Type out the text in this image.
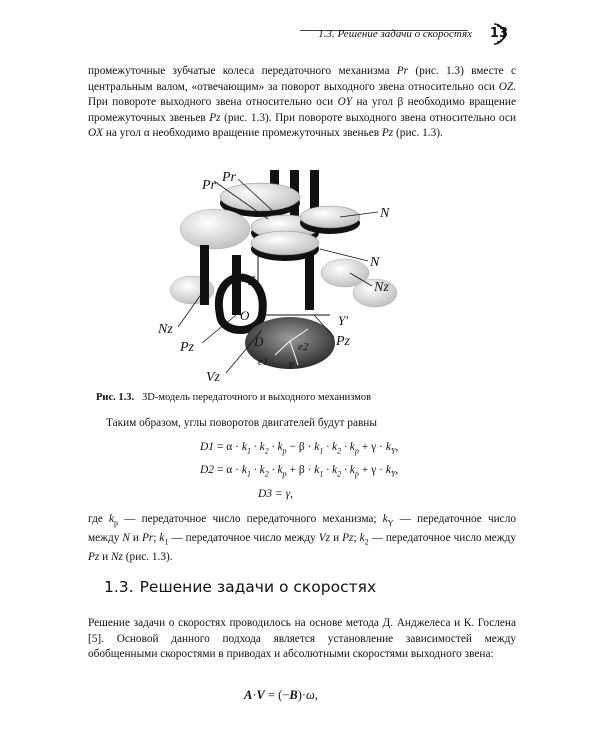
1.3. Решение задачи о скоростях 13

промежуточные зубчатые колеса передаточного механизма Pr (рис. 1.3) вместе с центральным валом, «отвечающим» за поворот выходного звена относительно оси OZ. При повороте выходного звена относительно оси OY на угол β необходимо вращение промежуточных звеньев Pz (рис. 1.3). При повороте выходного звена относительно оси OX на угол α необходимо вращение промежуточных звеньев Pz (рис. 1.3).

Pr
Pr
N
N
Nz
Nz
Z
O	Y'
Pz	Pz
D	e2
e1 Y
Vz
Рис. 1.3. 3D-модель передаточного и выходного механизмов

Таким образом, углы поворотов двигателей будут равны

$D1 = \alpha \cdot k_1 \cdot k_2 \cdot k_p - \beta \cdot k_1 \cdot k_2 \cdot k_p + \gamma \cdot k_Y$,
$D2 = \alpha \cdot k_1 \cdot k_2 \cdot k_p + \beta \cdot k_1 \cdot k_2 \cdot k_p + \gamma \cdot k_Y$,
D3 = γ,

где $k_p$ — передаточное число передаточного механизма; $k_Y$ — передаточное число между N и Pr; $k_1$ — передаточное число между Vz и Pz; $k_2$ — передаточное число между Pz и Nz (рис. 1.3).

1.3. Решение задачи о скоростях

Решение задачи о скоростях проводилось на основе метода Д. Анджелеса и К. Гослена [5]. Основой данного подхода является установление зависимостей между обобщенными скоростями в приводах и абсолютными скоростями выходного звена:

A·V = (−B)·ω,
